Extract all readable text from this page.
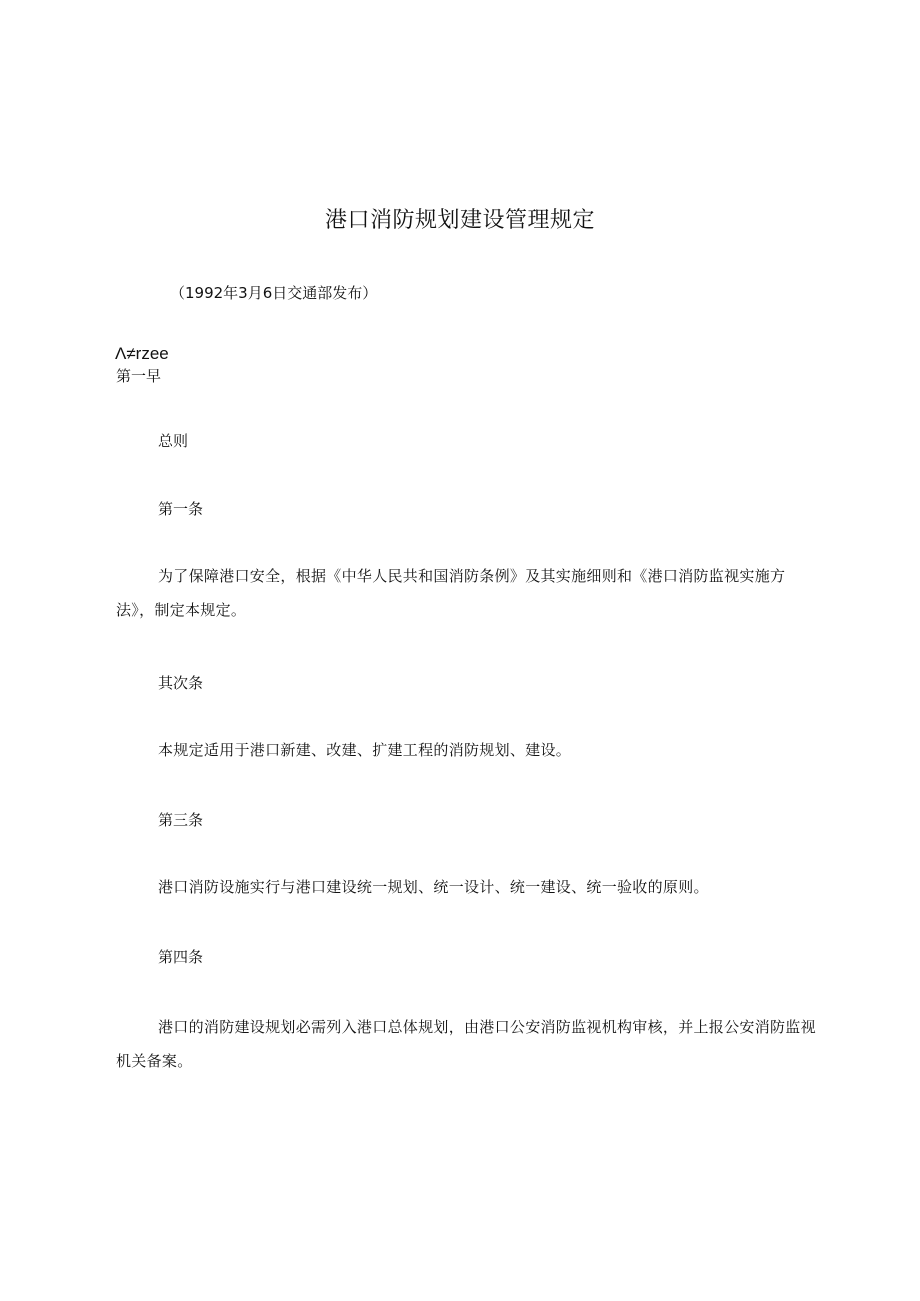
港口消防规划建设管理规定
（1992年3月6日交通部发布）
Λ≠rzee
第一早
总则
第一条

为了保障港口安全，根据《中华人民共和国消防条例》及其实施细则和《港口消防监视实施方法》，制定本规定。

其次条

本规定适用于港口新建、改建、扩建工程的消防规划、建设。

第三条

港口消防设施实行与港口建设统一规划、统一设计、统一建设、统一验收的原则。

第四条

港口的消防建设规划必需列入港口总体规划，由港口公安消防监视机构审核，并上报公安消防监视机关备案。
